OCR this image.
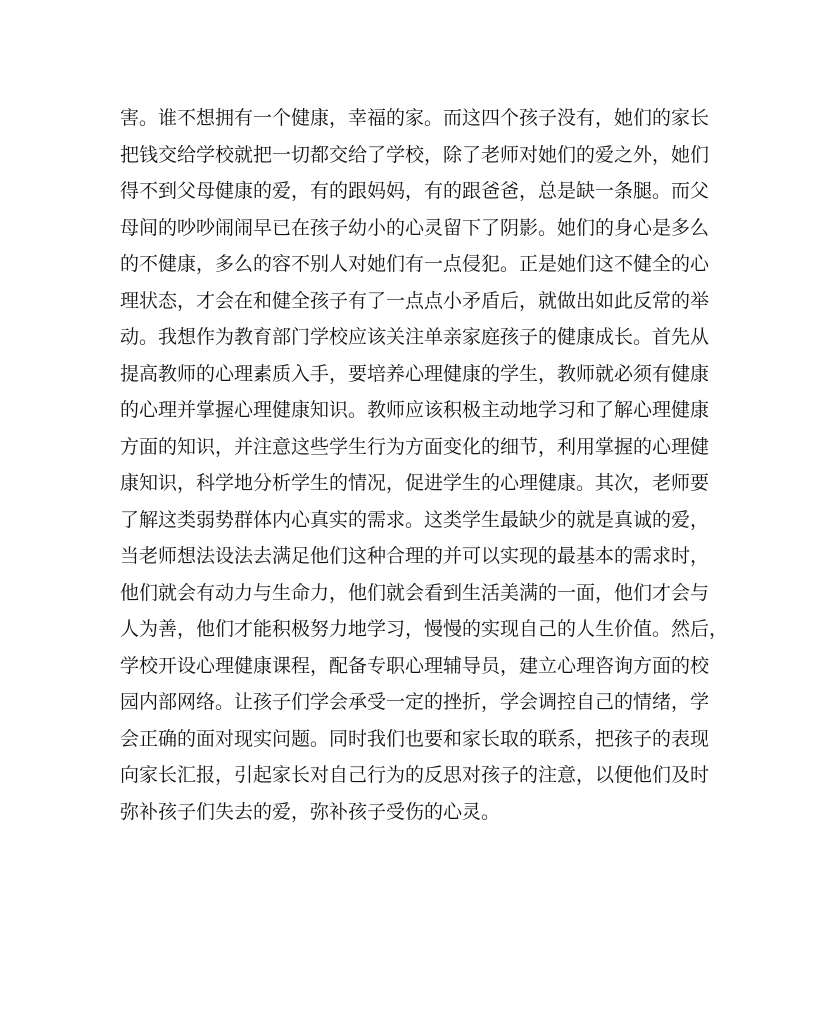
害。谁不想拥有一个健康，幸福的家。而这四个孩子没有，她们的家长
把钱交给学校就把一切都交给了学校，除了老师对她们的爱之外，她们
得不到父母健康的爱，有的跟妈妈，有的跟爸爸，总是缺一条腿。而父
母间的吵吵闹闹早已在孩子幼小的心灵留下了阴影。她们的身心是多么
的不健康，多么的容不别人对她们有一点侵犯。正是她们这不健全的心
理状态，才会在和健全孩子有了一点点小矛盾后，就做出如此反常的举
动。我想作为教育部门学校应该关注单亲家庭孩子的健康成长。首先从
提高教师的心理素质入手，要培养心理健康的学生，教师就必须有健康
的心理并掌握心理健康知识。教师应该积极主动地学习和了解心理健康
方面的知识，并注意这些学生行为方面变化的细节，利用掌握的心理健
康知识，科学地分析学生的情况，促进学生的心理健康。其次，老师要
了解这类弱势群体内心真实的需求。这类学生最缺少的就是真诚的爱，
当老师想法设法去满足他们这种合理的并可以实现的最基本的需求时，
他们就会有动力与生命力，他们就会看到生活美满的一面，他们才会与
人为善，他们才能积极努力地学习，慢慢的实现自己的人生价值。然后，
学校开设心理健康课程，配备专职心理辅导员，建立心理咨询方面的校
园内部网络。让孩子们学会承受一定的挫折，学会调控自己的情绪，学
会正确的面对现实问题。同时我们也要和家长取的联系，把孩子的表现
向家长汇报，引起家长对自己行为的反思对孩子的注意，以便他们及时
弥补孩子们失去的爱，弥补孩子受伤的心灵。
